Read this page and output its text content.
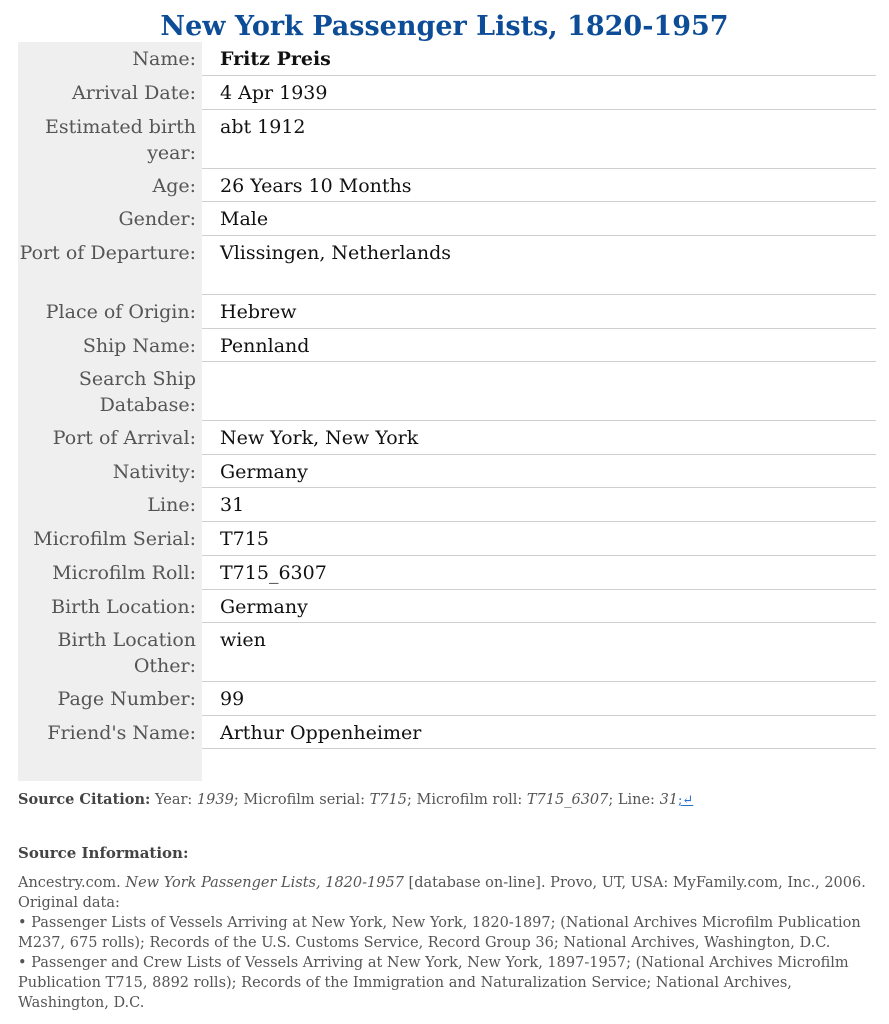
New York Passenger Lists, 1820-1957
Name:	Fritz Preis
Arrival Date:	4 Apr 1939
Estimated birth year:
abt 1912
Age:	26 Years 10 Months
Gender:	Male
Port of Departure:	Vlissingen, Netherlands
Place of Origin:	Hebrew
Ship Name:	Pennland
Search Ship Database:
Port of Arrival:	New York, New York
Nativity:	Germany
Line:	31
Microfilm Serial:	T715
Microfilm Roll:	T715_6307
Birth Location:	Germany
Birth Location Other:
wien
Page Number:	99
Friend's Name:	Arthur Oppenheimer
Source Citation: Year: 1939; Microfilm serial: T715; Microfilm roll: T715_6307; Line: 31;↵
Source Information:

Ancestry.com. New York Passenger Lists, 1820-1957 [database on-line]. Provo, UT, USA: MyFamily.com, Inc., 2006. Original data:

• Passenger Lists of Vessels Arriving at New York, New York, 1820-1897; (National Archives Microfilm Publication M237, 675 rolls); Records of the U.S. Customs Service, Record Group 36; National Archives, Washington, D.C.

• Passenger and Crew Lists of Vessels Arriving at New York, New York, 1897-1957; (National Archives Microfilm Publication T715, 8892 rolls); Records of the Immigration and Naturalization Service; National Archives, Washington, D.C.
